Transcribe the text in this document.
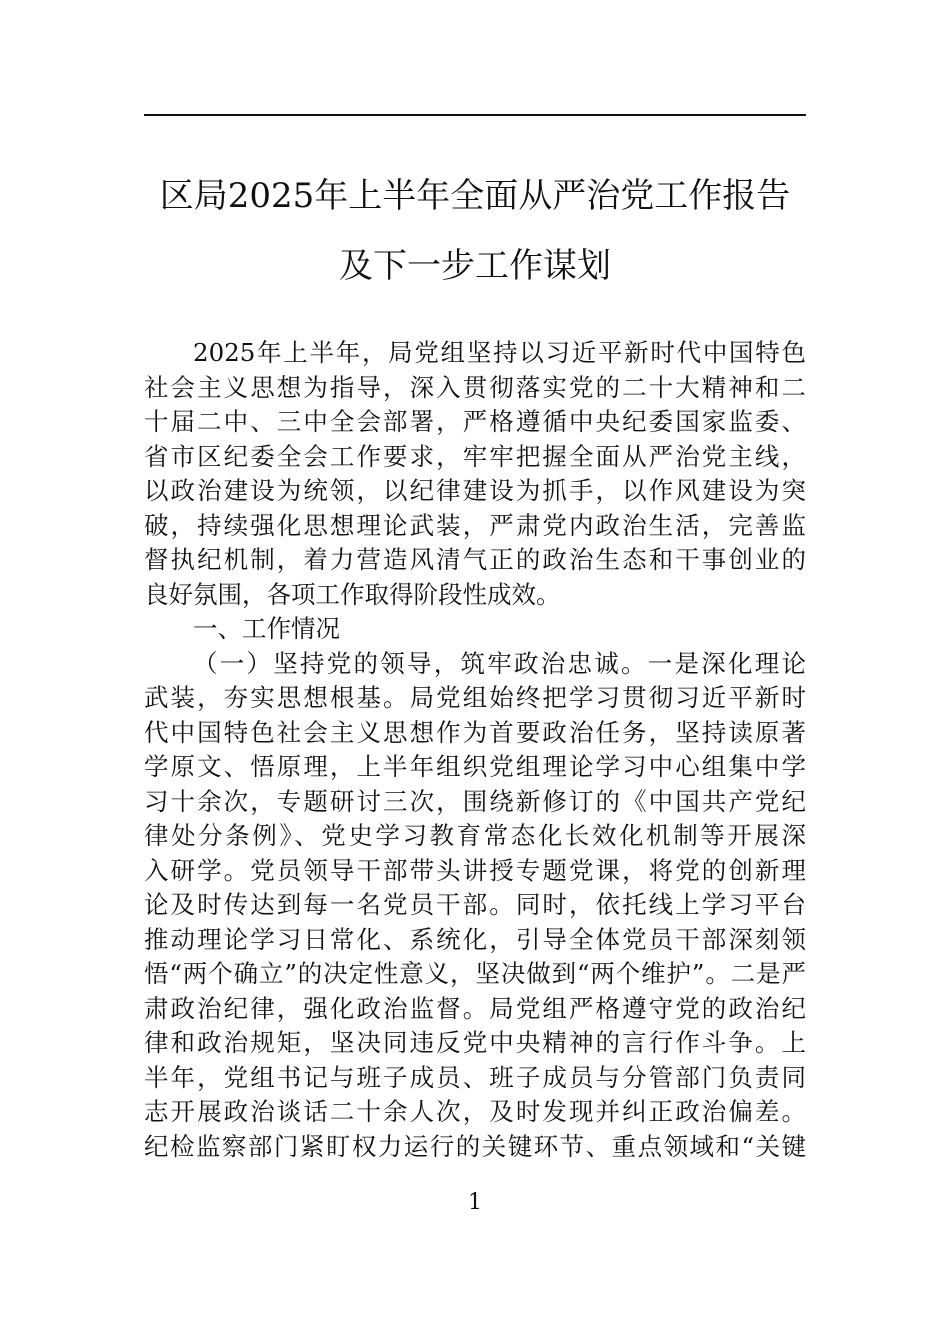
区局2025年上半年全面从严治党工作报告
及下一步工作谋划
2025年上半年，局党组坚持以习近平新时代中国特色
社会主义思想为指导，深入贯彻落实党的二十大精神和二
十届二中、三中全会部署，严格遵循中央纪委国家监委、
省市区纪委全会工作要求，牢牢把握全面从严治党主线，
以政治建设为统领，以纪律建设为抓手，以作风建设为突
破，持续强化思想理论武装，严肃党内政治生活，完善监
督执纪机制，着力营造风清气正的政治生态和干事创业的
良好氛围，各项工作取得阶段性成效。
一、工作情况
（一）坚持党的领导，筑牢政治忠诚。一是深化理论
武装，夯实思想根基。局党组始终把学习贯彻习近平新时
代中国特色社会主义思想作为首要政治任务，坚持读原著
学原文、悟原理，上半年组织党组理论学习中心组集中学
习十余次，专题研讨三次，围绕新修订的《中国共产党纪
律处分条例》、党史学习教育常态化长效化机制等开展深
入研学。党员领导干部带头讲授专题党课，将党的创新理
论及时传达到每一名党员干部。同时，依托线上学习平台
推动理论学习日常化、系统化，引导全体党员干部深刻领
悟“两个确立”的决定性意义，坚决做到“两个维护”。二是严
肃政治纪律，强化政治监督。局党组严格遵守党的政治纪
律和政治规矩，坚决同违反党中央精神的言行作斗争。上
半年，党组书记与班子成员、班子成员与分管部门负责同
志开展政治谈话二十余人次，及时发现并纠正政治偏差。
纪检监察部门紧盯权力运行的关键环节、重点领域和“关键
1
